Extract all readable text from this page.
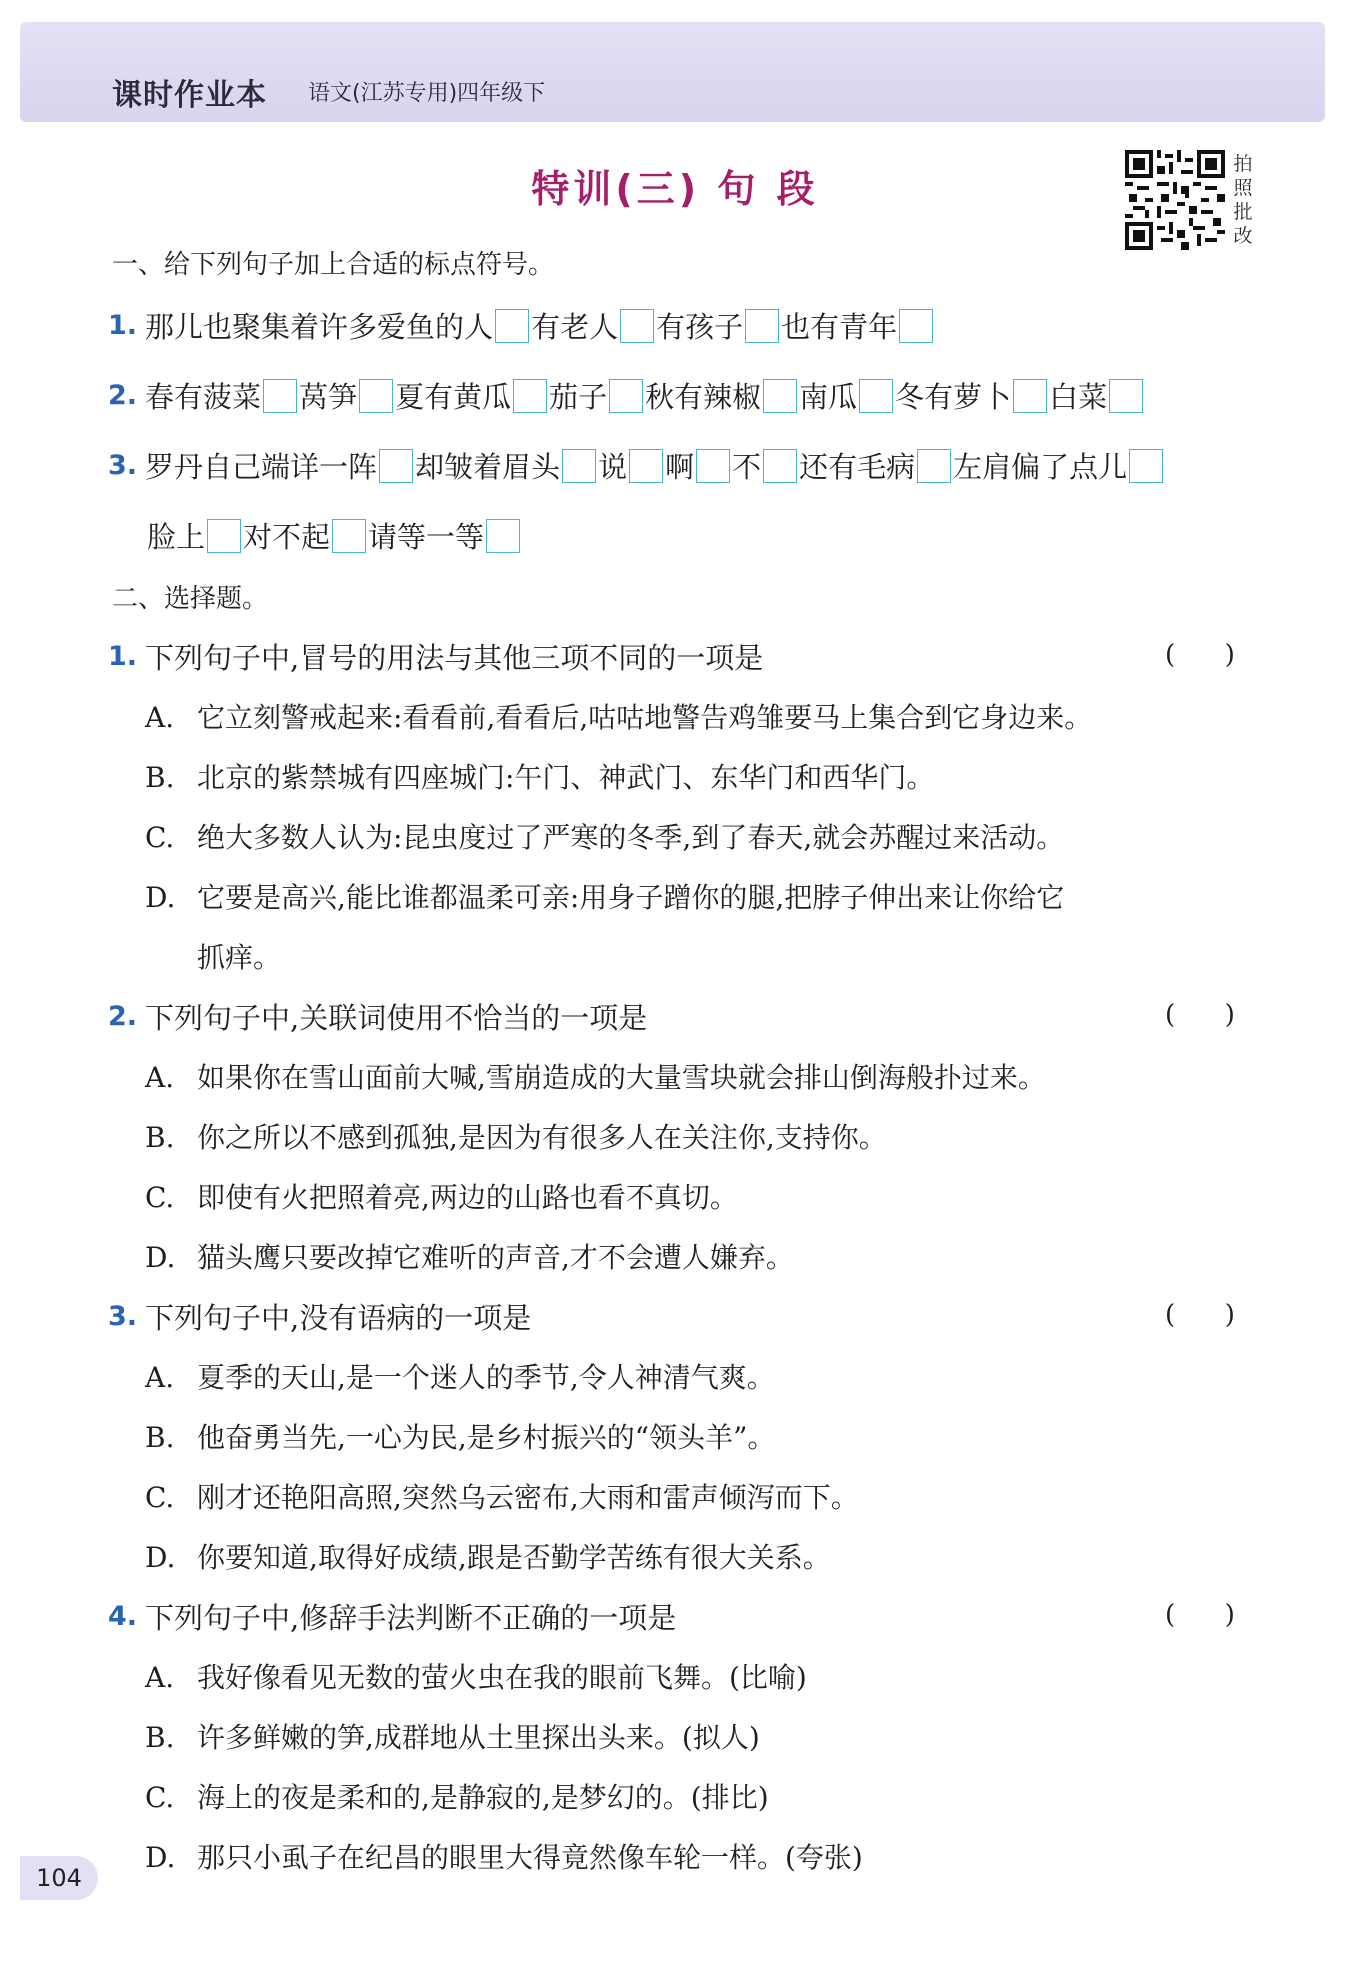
课时作业本 语文(江苏专用)四年级下
特训(三) 句 段
拍
照
批
改
一、给下列句子加上合适的标点符号。
1. 那儿也聚集着许多爱鱼的人 有老人 有孩子 也有青年
2. 春有菠菜 莴笋 夏有黄瓜 茄子 秋有辣椒 南瓜 冬有萝卜 白菜
3. 罗丹自己端详一阵 却皱着眉头 说 啊 不 还有毛病 左肩偏了点儿
脸上 对不起 请等一等
二、选择题。
1. 下列句子中,冒号的用法与其他三项不同的一项是	(      )
A. 它立刻警戒起来:看看前,看看后,咕咕地警告鸡雏要马上集合到它身边来。
B. 北京的紫禁城有四座城门:午门、神武门、东华门和西华门。
C. 绝大多数人认为:昆虫度过了严寒的冬季,到了春天,就会苏醒过来活动。
D. 它要是高兴,能比谁都温柔可亲:用身子蹭你的腿,把脖子伸出来让你给它
抓痒。
2. 下列句子中,关联词使用不恰当的一项是	(      )
A. 如果你在雪山面前大喊,雪崩造成的大量雪块就会排山倒海般扑过来。
B. 你之所以不感到孤独,是因为有很多人在关注你,支持你。
C. 即使有火把照着亮,两边的山路也看不真切。
D. 猫头鹰只要改掉它难听的声音,才不会遭人嫌弃。
3. 下列句子中,没有语病的一项是	(      )
A. 夏季的天山,是一个迷人的季节,令人神清气爽。
B. 他奋勇当先,一心为民,是乡村振兴的“领头羊”。
C. 刚才还艳阳高照,突然乌云密布,大雨和雷声倾泻而下。
D. 你要知道,取得好成绩,跟是否勤学苦练有很大关系。
4. 下列句子中,修辞手法判断不正确的一项是	(      )
A. 我好像看见无数的萤火虫在我的眼前飞舞。(比喻)
B. 许多鲜嫩的笋,成群地从土里探出头来。(拟人)
C. 海上的夜是柔和的,是静寂的,是梦幻的。(排比)
D. 那只小虱子在纪昌的眼里大得竟然像车轮一样。(夸张)
104
